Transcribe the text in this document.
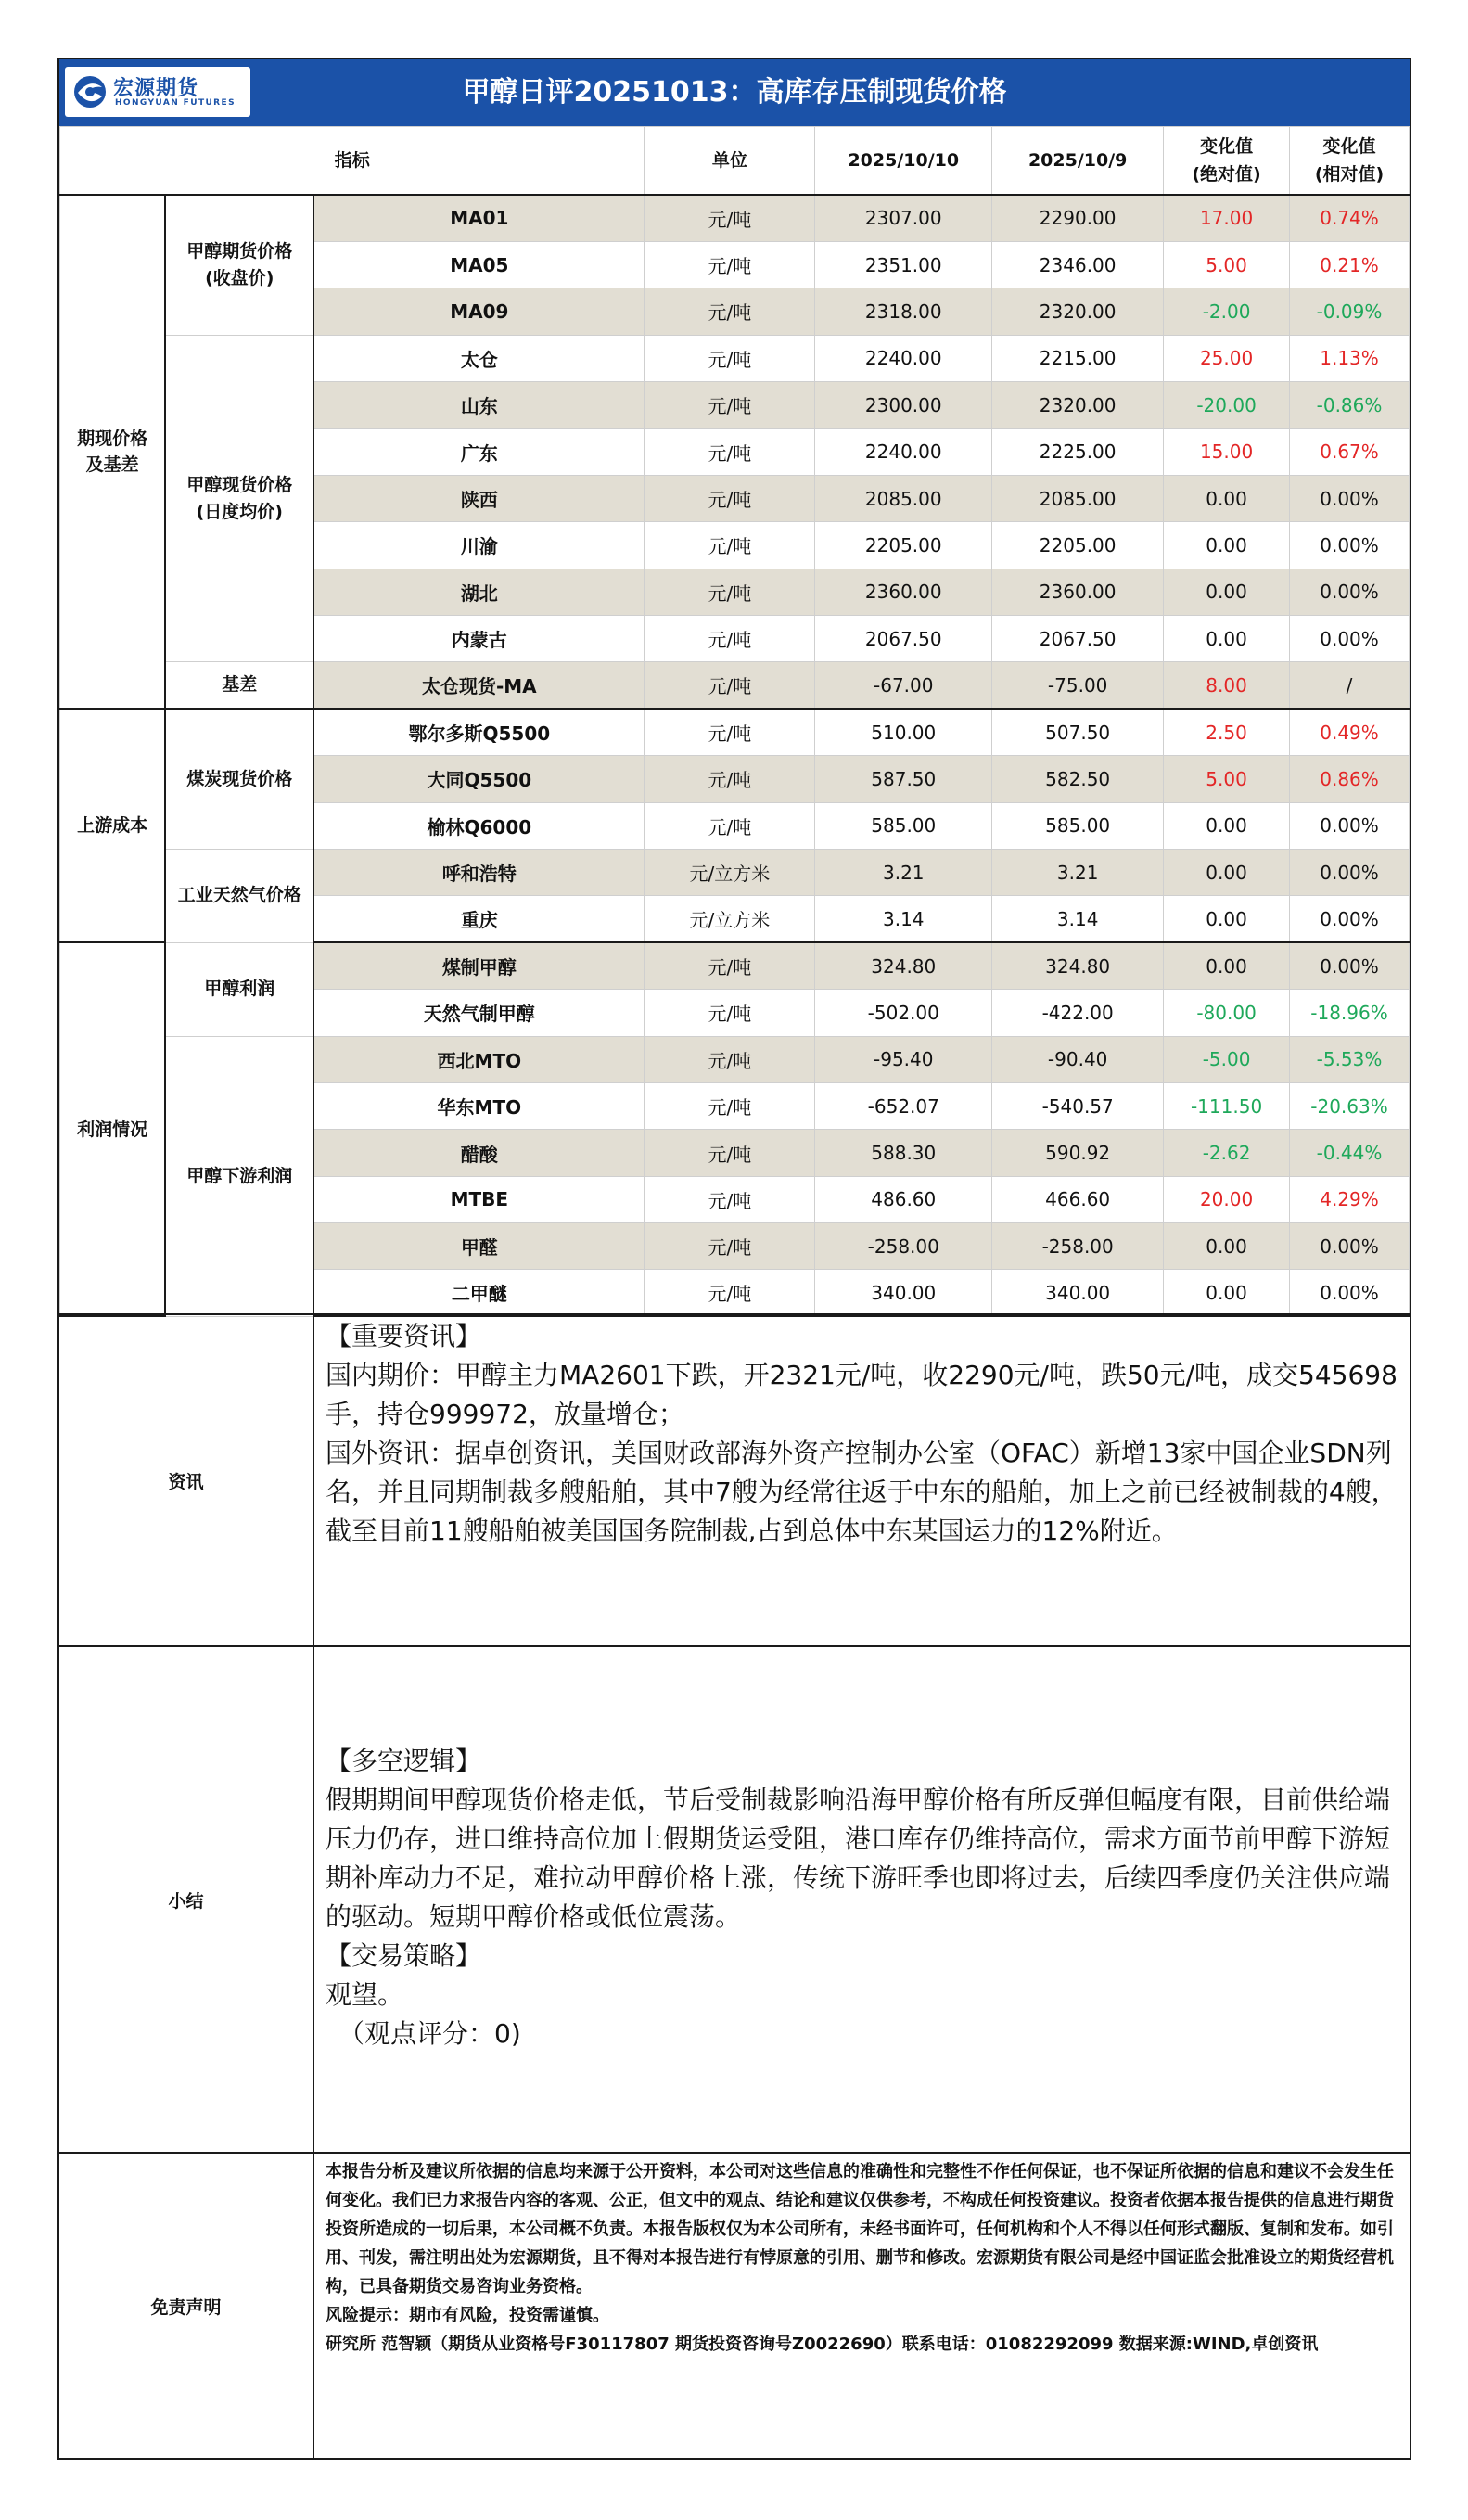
宏源期货
HONGYUAN FUTURES	甲醇日评20251013：高库存压制现货价格
指标			单位	2025/10/10	2025/10/9	变化值
(绝对值)	变化值
(相对值)
期现价格
及基差	甲醇期货价格
(收盘价)	MA01	元/吨	2307.00	2290.00	17.00	0.74%
		MA05	元/吨	2351.00	2346.00	5.00	0.21%
		MA09	元/吨	2318.00	2320.00	-2.00	-0.09%
	甲醇现货价格
(日度均价)	太仓	元/吨	2240.00	2215.00	25.00	1.13%
		山东	元/吨	2300.00	2320.00	-20.00	-0.86%
		广东	元/吨	2240.00	2225.00	15.00	0.67%
		陕西	元/吨	2085.00	2085.00	0.00	0.00%
		川渝	元/吨	2205.00	2205.00	0.00	0.00%
		湖北	元/吨	2360.00	2360.00	0.00	0.00%
		内蒙古	元/吨	2067.50	2067.50	0.00	0.00%
	基差	太仓现货-MA	元/吨	-67.00	-75.00	8.00	/
上游成本	煤炭现货价格	鄂尔多斯Q5500	元/吨	510.00	507.50	2.50	0.49%
		大同Q5500	元/吨	587.50	582.50	5.00	0.86%
		榆林Q6000	元/吨	585.00	585.00	0.00	0.00%
	工业天然气价格	呼和浩特	元/立方米	3.21	3.21	0.00	0.00%
		重庆	元/立方米	3.14	3.14	0.00	0.00%
利润情况	甲醇利润	煤制甲醇	元/吨	324.80	324.80	0.00	0.00%
		天然气制甲醇	元/吨	-502.00	-422.00	-80.00	-18.96%
	甲醇下游利润	西北MTO	元/吨	-95.40	-90.40	-5.00	-5.53%
		华东MTO	元/吨	-652.07	-540.57	-111.50	-20.63%
		醋酸	元/吨	588.30	590.92	-2.62	-0.44%
		MTBE	元/吨	486.60	466.60	20.00	4.29%
		甲醛	元/吨	-258.00	-258.00	0.00	0.00%
		二甲醚	元/吨	340.00	340.00	0.00	0.00%
资讯

【重要资讯】

国内期价：甲醇主力MA2601下跌，开2321元/吨，收2290元/吨，跌50元/吨，成交545698手，持仓999972，放量增仓；

国外资讯：据卓创资讯，美国财政部海外资产控制办公室（OFAC）新增13家中国企业SDN列名，并且同期制裁多艘船舶，其中7艘为经常往返于中东的船舶，加上之前已经被制裁的4艘，截至目前11艘船舶被美国国务院制裁,占到总体中东某国运力的12%附近。

小结

【多空逻辑】

假期期间甲醇现货价格走低，节后受制裁影响沿海甲醇价格有所反弹但幅度有限，目前供给端压力仍存，进口维持高位加上假期货运受阻，港口库存仍维持高位，需求方面节前甲醇下游短期补库动力不足，难拉动甲醇价格上涨，传统下游旺季也即将过去，后续四季度仍关注供应端的驱动。短期甲醇价格或低位震荡。

【交易策略】

观望。

（观点评分：0)

免责声明

本报告分析及建议所依据的信息均来源于公开资料，本公司对这些信息的准确性和完整性不作任何保证，也不保证所依据的信息和建议不会发生任何变化。我们已力求报告内容的客观、公正，但文中的观点、结论和建议仅供参考，不构成任何投资建议。投资者依据本报告提供的信息进行期货投资所造成的一切后果，本公司概不负责。本报告版权仅为本公司所有，未经书面许可，任何机构和个人不得以任何形式翻版、复制和发布。如引用、刊发，需注明出处为宏源期货，且不得对本报告进行有悖原意的引用、删节和修改。宏源期货有限公司是经中国证监会批准设立的期货经营机构，已具备期货交易咨询业务资格。

风险提示：期市有风险，投资需谨慎。

研究所 范智颖（期货从业资格号F30117807 期货投资咨询号Z0022690）联系电话：01082292099 数据来源:WIND,卓创资讯
